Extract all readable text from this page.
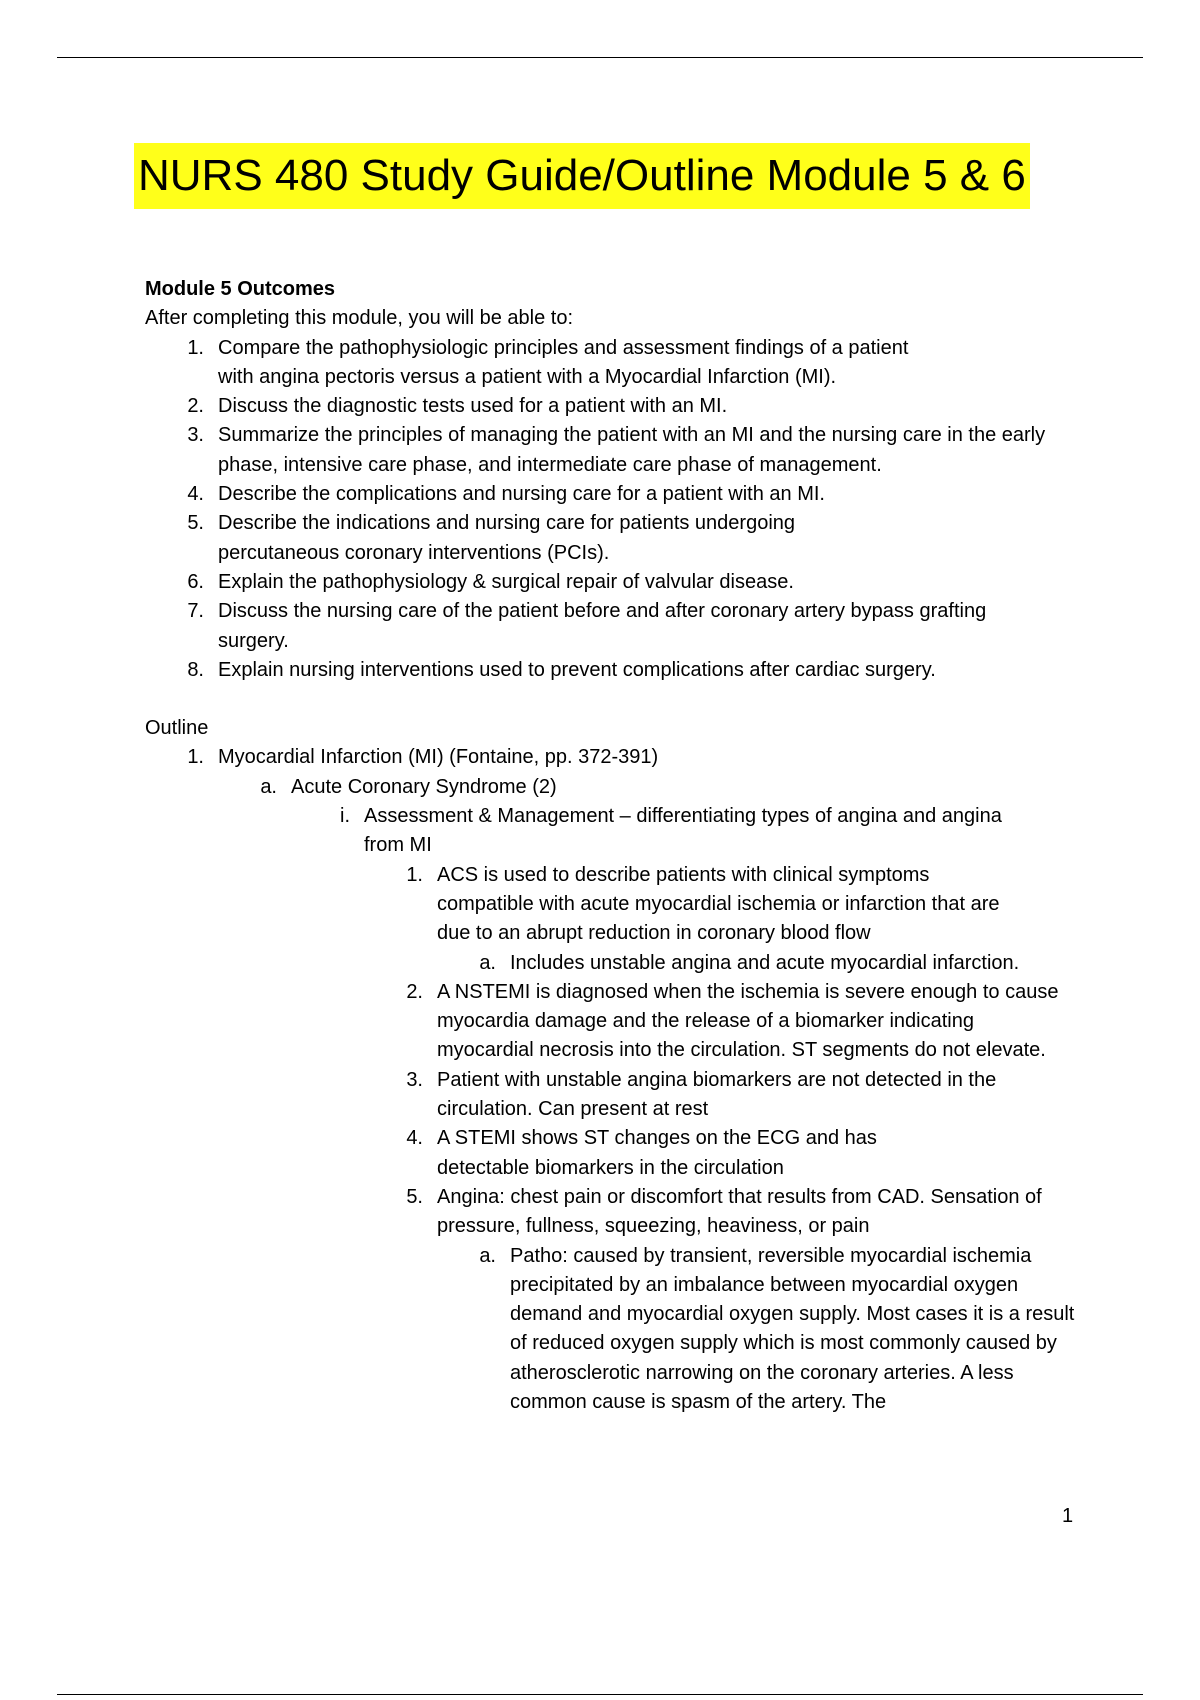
NURS 480 Study Guide/Outline Module 5 & 6
Module 5 Outcomes

After completing this module, you will be able to:

1. Compare the pathophysiologic principles and assessment findings of a patient with angina pectoris versus a patient with a Myocardial Infarction (MI).
2. Discuss the diagnostic tests used for a patient with an MI.
3. Summarize the principles of managing the patient with an MI and the nursing care in the early phase, intensive care phase, and intermediate care phase of management.
4. Describe the complications and nursing care for a patient with an MI.
5. Describe the indications and nursing care for patients undergoing percutaneous coronary interventions (PCIs).
6. Explain the pathophysiology & surgical repair of valvular disease.
7. Discuss the nursing care of the patient before and after coronary artery bypass grafting surgery.
8. Explain nursing interventions used to prevent complications after cardiac surgery.

Outline

1. Myocardial Infarction (MI) (Fontaine, pp. 372-391)
a. Acute Coronary Syndrome (2)
i. Assessment & Management – differentiating types of angina and angina from MI
1. ACS is used to describe patients with clinical symptoms compatible with acute myocardial ischemia or infarction that are due to an abrupt reduction in coronary blood flow
a. Includes unstable angina and acute myocardial infarction.
2. A NSTEMI is diagnosed when the ischemia is severe enough to cause myocardia damage and the release of a biomarker indicating myocardial necrosis into the circulation. ST segments do not elevate.
3. Patient with unstable angina biomarkers are not detected in the circulation. Can present at rest
4. A STEMI shows ST changes on the ECG and has detectable biomarkers in the circulation
5. Angina: chest pain or discomfort that results from CAD. Sensation of pressure, fullness, squeezing, heaviness, or pain
a. Patho: caused by transient, reversible myocardial ischemia precipitated by an imbalance between myocardial oxygen demand and myocardial oxygen supply. Most cases it is a result of reduced oxygen supply which is most commonly caused by atherosclerotic narrowing on the coronary arteries. A less common cause is spasm of the artery. The
1
